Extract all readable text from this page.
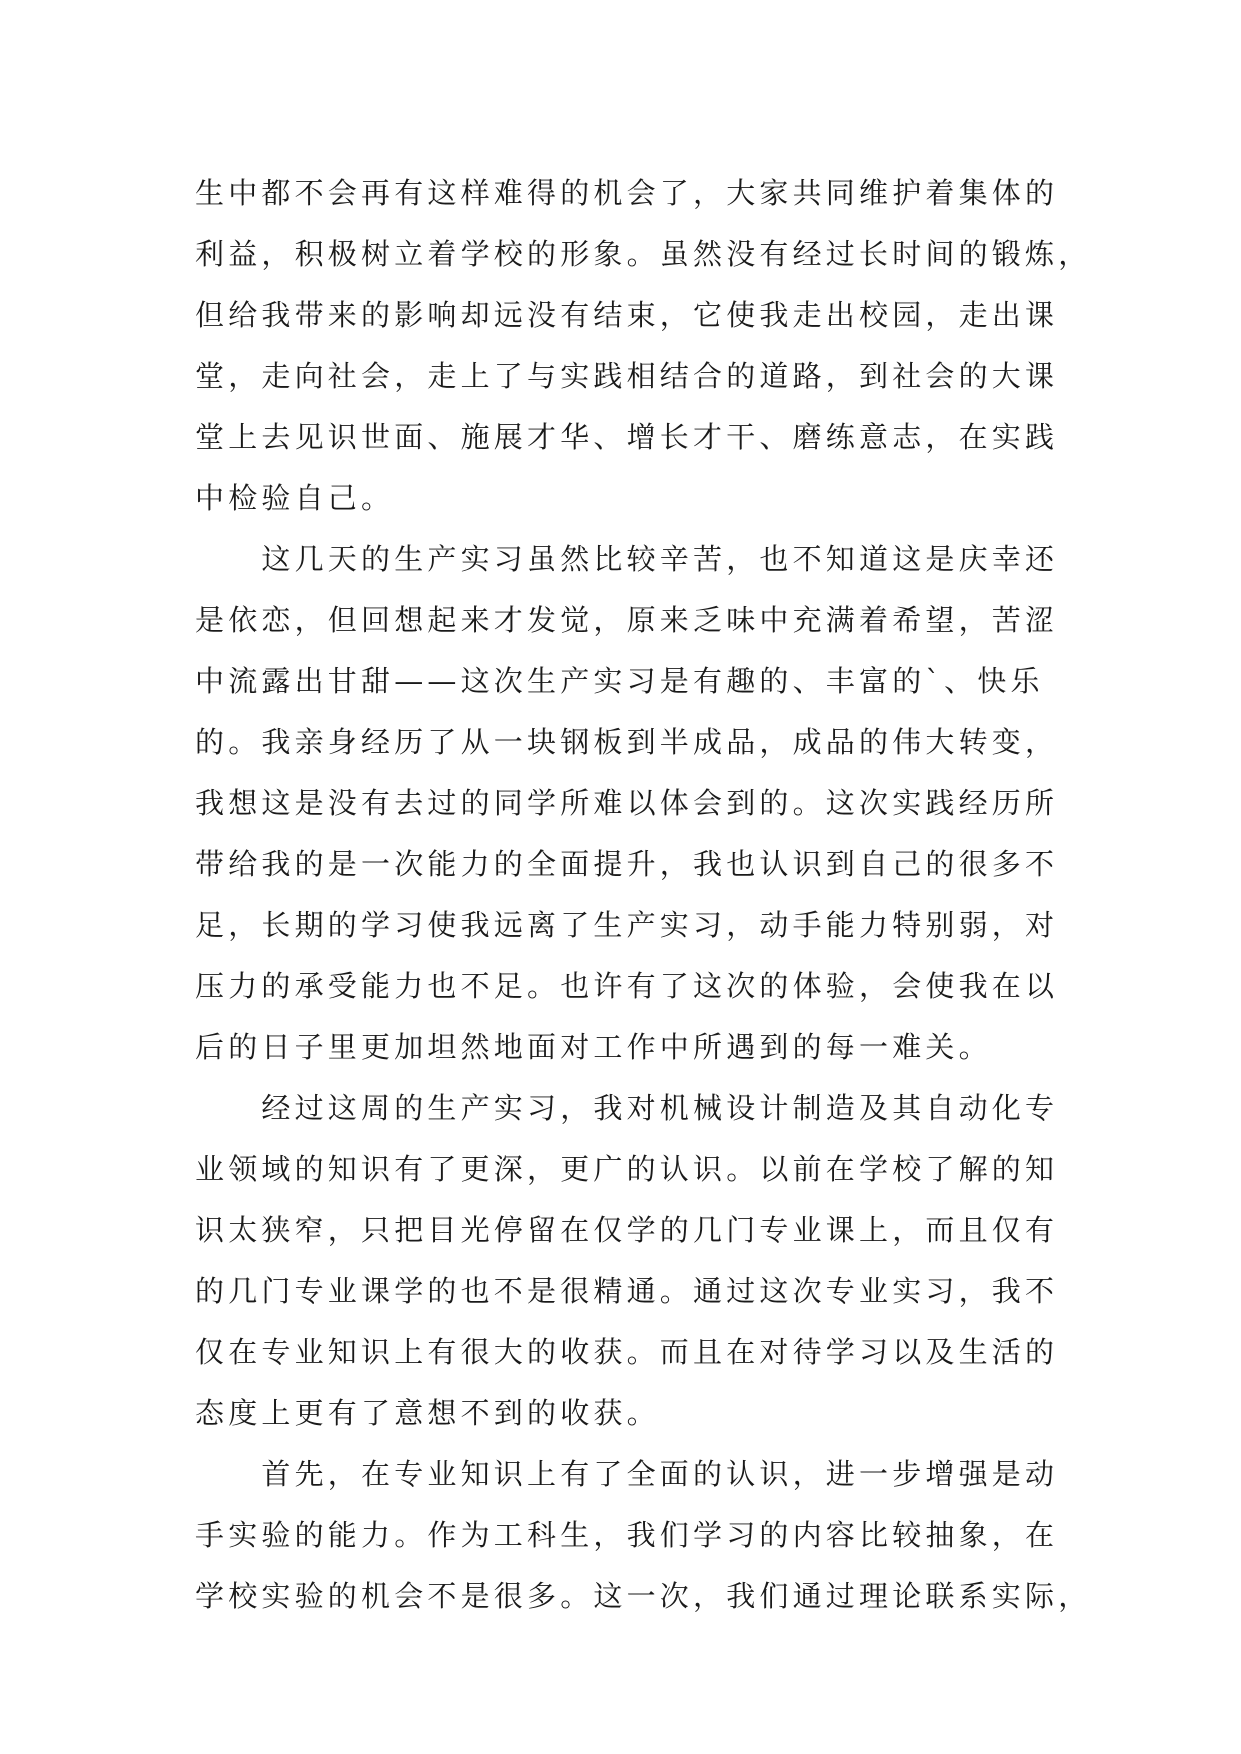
生中都不会再有这样难得的机会了，大家共同维护着集体的
利益，积极树立着学校的形象。虽然没有经过长时间的锻炼，
但给我带来的影响却远没有结束，它使我走出校园，走出课
堂，走向社会，走上了与实践相结合的道路，到社会的大课
堂上去见识世面、施展才华、增长才干、磨练意志，在实践
中检验自己。
　　这几天的生产实习虽然比较辛苦，也不知道这是庆幸还
是依恋，但回想起来才发觉，原来乏味中充满着希望，苦涩
中流露出甘甜——这次生产实习是有趣的、丰富的`、快乐
的。我亲身经历了从一块钢板到半成品，成品的伟大转变，
我想这是没有去过的同学所难以体会到的。这次实践经历所
带给我的是一次能力的全面提升，我也认识到自己的很多不
足，长期的学习使我远离了生产实习，动手能力特别弱，对
压力的承受能力也不足。也许有了这次的体验，会使我在以
后的日子里更加坦然地面对工作中所遇到的每一难关。
　　经过这周的生产实习，我对机械设计制造及其自动化专
业领域的知识有了更深，更广的认识。以前在学校了解的知
识太狭窄，只把目光停留在仅学的几门专业课上，而且仅有
的几门专业课学的也不是很精通。通过这次专业实习，我不
仅在专业知识上有很大的收获。而且在对待学习以及生活的
态度上更有了意想不到的收获。
　　首先，在专业知识上有了全面的认识，进一步增强是动
手实验的能力。作为工科生，我们学习的内容比较抽象，在
学校实验的机会不是很多。这一次，我们通过理论联系实际，
